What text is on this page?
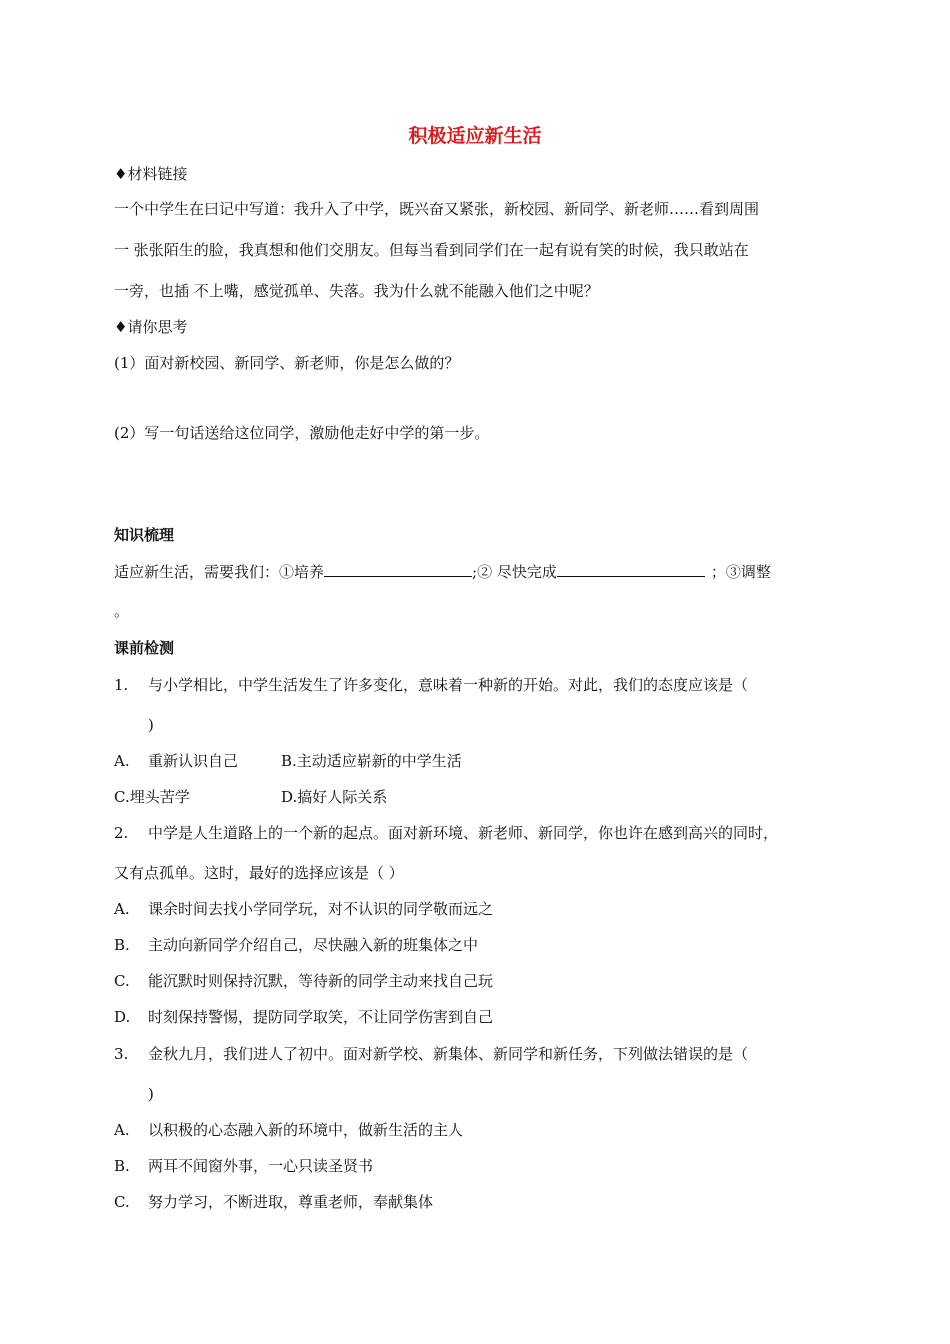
积极适应新生活
♦材料链接
一个中学生在曰记中写道：我升入了中学，既兴奋又紧张，新校园、新同学、新老师……看到周围
一 张张陌生的脸，我真想和他们交朋友。但每当看到同学们在一起有说有笑的时候，我只敢站在
一旁，也插 不上嘴，感觉孤单、失落。我为什么就不能融入他们之中呢？
♦请你思考
(1）面对新校园、新同学、新老师，你是怎么做的？
(2）写一句话送给这位同学，激励他走好中学的第一步。
知识梳理
适应新生活，需要我们：①培养	;② 尽快完成	；③调整
。
课前检测
1. 与小学相比，中学生活发生了许多变化，意味着一种新的开始。对此，我们的态度应该是（
)
A. 重新认识自己	B.主动适应崭新的中学生活
C.埋头苦学	D.搞好人际关系
2. 中学是人生道路上的一个新的起点。面对新环境、新老师、新同学，你也许在感到高兴的同时，
又有点孤单。这时，最好的选择应该是（ ）
A. 课余时间去找小学同学玩，对不认识的同学敬而远之
B. 主动向新同学介绍自己，尽快融入新的班集体之中
C. 能沉默时则保持沉默，等待新的同学主动来找自己玩
D. 时刻保持警惕，提防同学取笑，不让同学伤害到自己
3. 金秋九月，我们进人了初中。面对新学校、新集体、新同学和新任务，下列做法错误的是（
)
A. 以积极的心态融入新的环境中，做新生活的主人
B. 两耳不闻窗外事，一心只读圣贤书
C. 努力学习，不断进取，尊重老师，奉献集体
